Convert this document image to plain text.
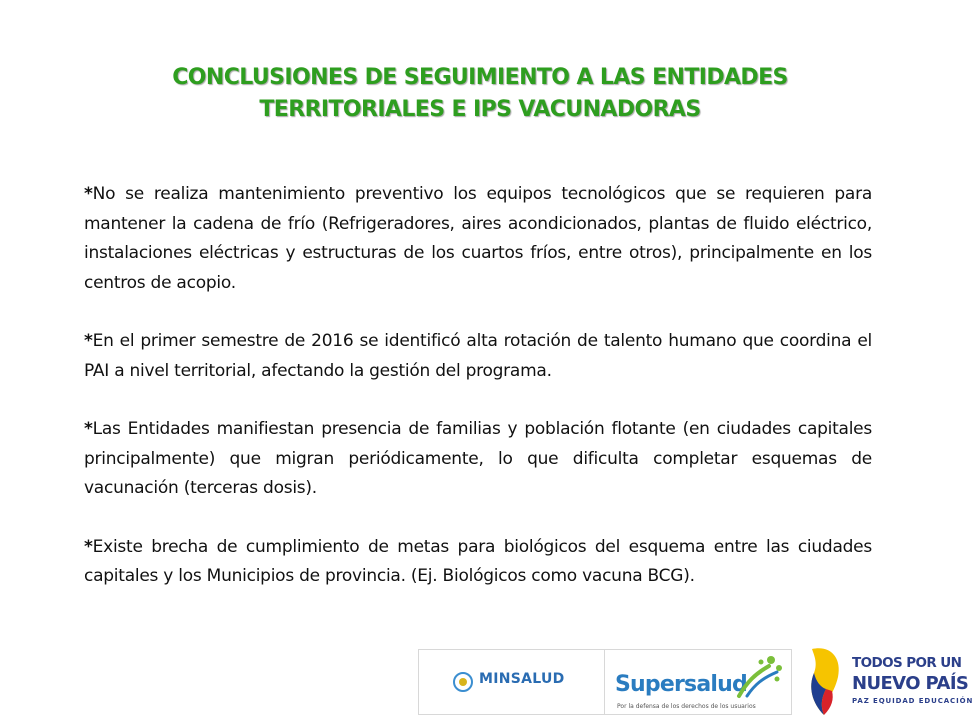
CONCLUSIONES DE SEGUIMIENTO A LAS ENTIDADES
TERRITORIALES E IPS VACUNADORAS

*No se realiza mantenimiento preventivo los equipos tecnológicos que se requieren para mantener la cadena de frío (Refrigeradores, aires acondicionados, plantas de fluido eléctrico, instalaciones eléctricas y estructuras de los cuartos fríos, entre otros), principalmente en los centros de acopio.

*En el primer semestre de 2016 se identificó alta rotación de talento humano que coordina el PAI a nivel territorial, afectando la gestión del programa.

*Las Entidades manifiestan presencia de familias y población flotante (en ciudades capitales principalmente) que migran periódicamente, lo que dificulta completar esquemas de vacunación (terceras dosis).

*Existe brecha de cumplimiento de metas para biológicos del esquema entre las ciudades capitales y los Municipios de provincia. (Ej. Biológicos como vacuna BCG).

MINSALUD Supersalud
Por la defensa de los derechos de los usuarios
TODOS POR UN
NUEVO PAÍS
PAZ EQUIDAD EDUCACIÓN
